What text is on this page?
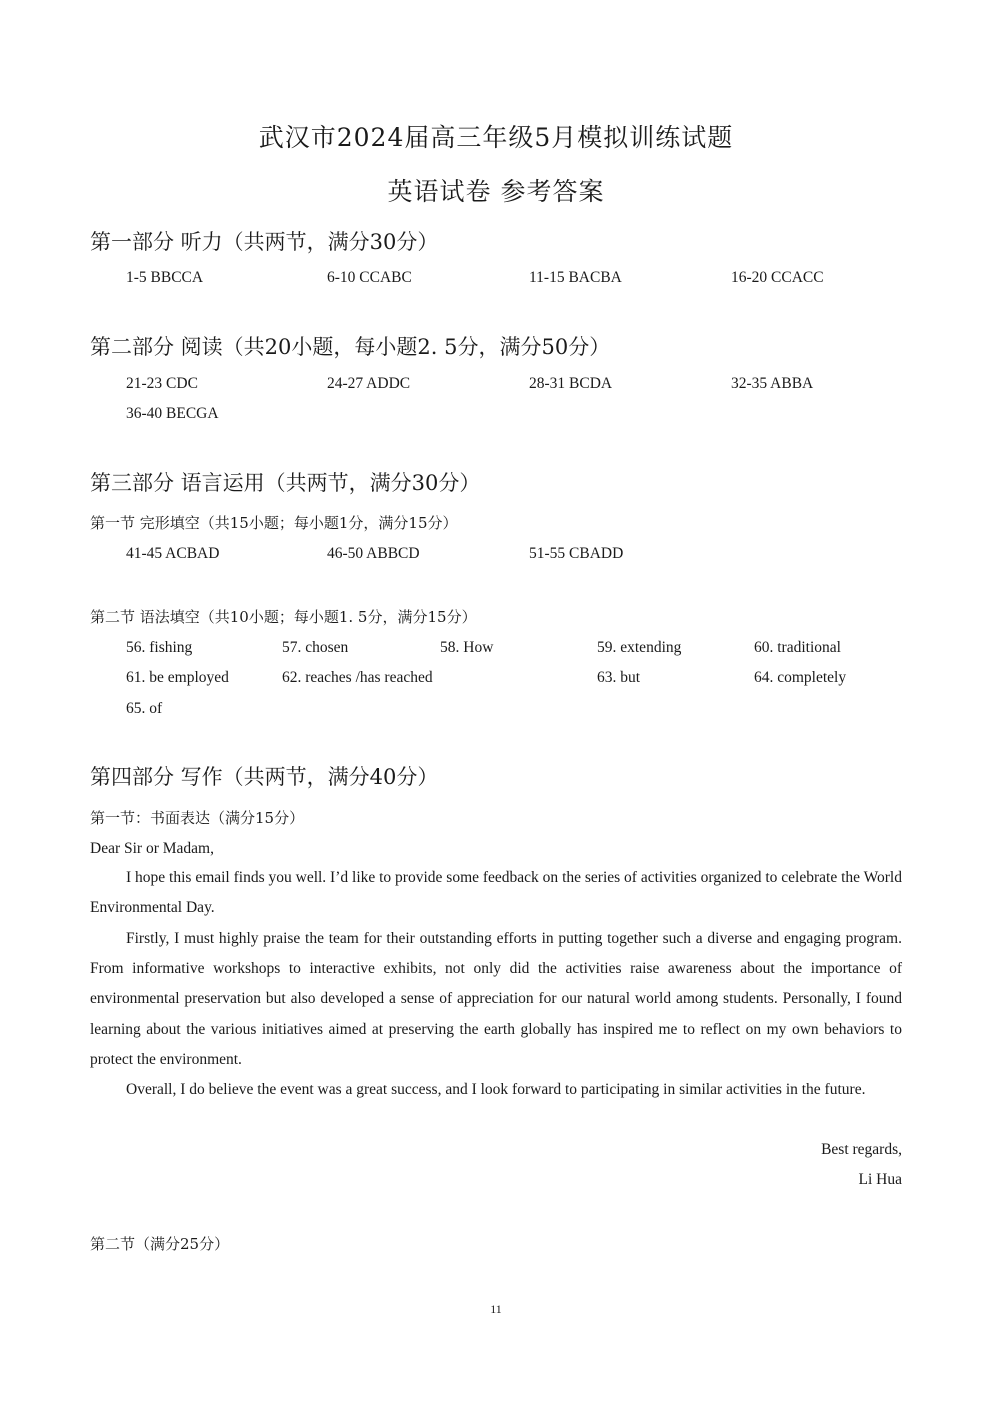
武汉市2024届高三年级5月模拟训练试题
英语试卷 参考答案
第一部分 听力（共两节，满分30分）
1-5 BBCCA	6-10 CCABC	11-15 BACBA	16-20 CCACC
第二部分 阅读（共20小题，每小题2. 5分，满分50分）
21-23 CDC	24-27 ADDC	28-31 BCDA	32-35 ABBA
36-40 BECGA
第三部分 语言运用（共两节，满分30分）
第一节 完形填空（共15小题；每小题1分，满分15分）
41-45 ACBAD	46-50 ABBCD	51-55 CBADD
第二节 语法填空（共10小题；每小题1. 5分，满分15分）
56. fishing	57. chosen	58. How	59. extending	60. traditional
61. be employed	62. reaches /has reached	63. but	64. completely
65. of
第四部分 写作（共两节，满分40分）
第一节：书面表达（满分15分）
Dear Sir or Madam,
I hope this email finds you well. I’d like to provide some feedback on the series of activities organized to celebrate the World Environmental Day.
Firstly, I must highly praise the team for their outstanding efforts in putting together such a diverse and engaging program. From informative workshops to interactive exhibits, not only did the activities raise awareness about the importance of environmental preservation but also developed a sense of appreciation for our natural world among students. Personally, I found learning about the various initiatives aimed at preserving the earth globally has inspired me to reflect on my own behaviors to protect the environment.
Overall, I do believe the event was a great success, and I look forward to participating in similar activities in the future.
Best regards,
Li Hua
第二节（满分25分）
11
